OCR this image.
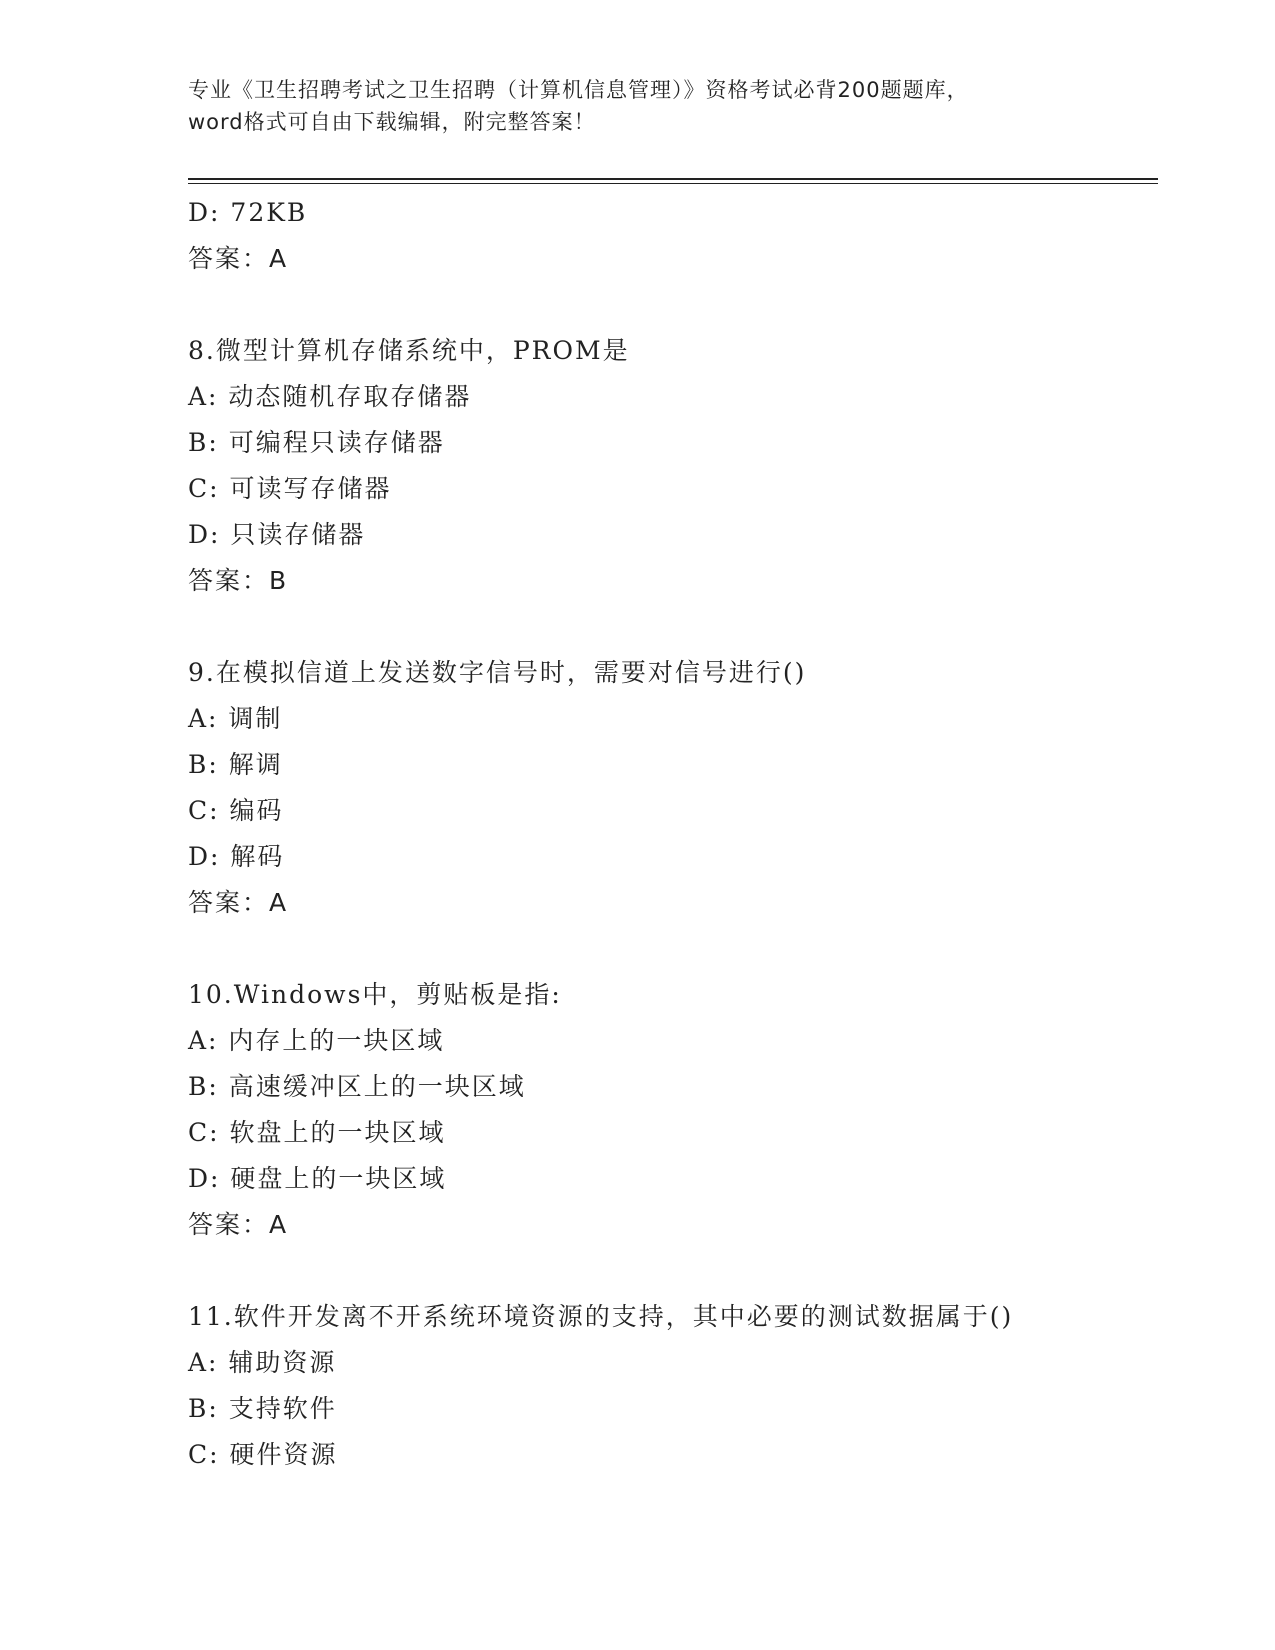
专业《卫生招聘考试之卫生招聘（计算机信息管理）》资格考试必背200题题库，
word格式可自由下载编辑，附完整答案！
D: 72KB
答案：A
8.微型计算机存储系统中，PROM是
A: 动态随机存取存储器
B: 可编程只读存储器
C: 可读写存储器
D: 只读存储器
答案：B
9.在模拟信道上发送数字信号时，需要对信号进行()
A: 调制
B: 解调
C: 编码
D: 解码
答案：A
10.Windows中，剪贴板是指:
A: 内存上的一块区域
B: 高速缓冲区上的一块区域
C: 软盘上的一块区域
D: 硬盘上的一块区域
答案：A
11.软件开发离不开系统环境资源的支持，其中必要的测试数据属于()
A: 辅助资源
B: 支持软件
C: 硬件资源
